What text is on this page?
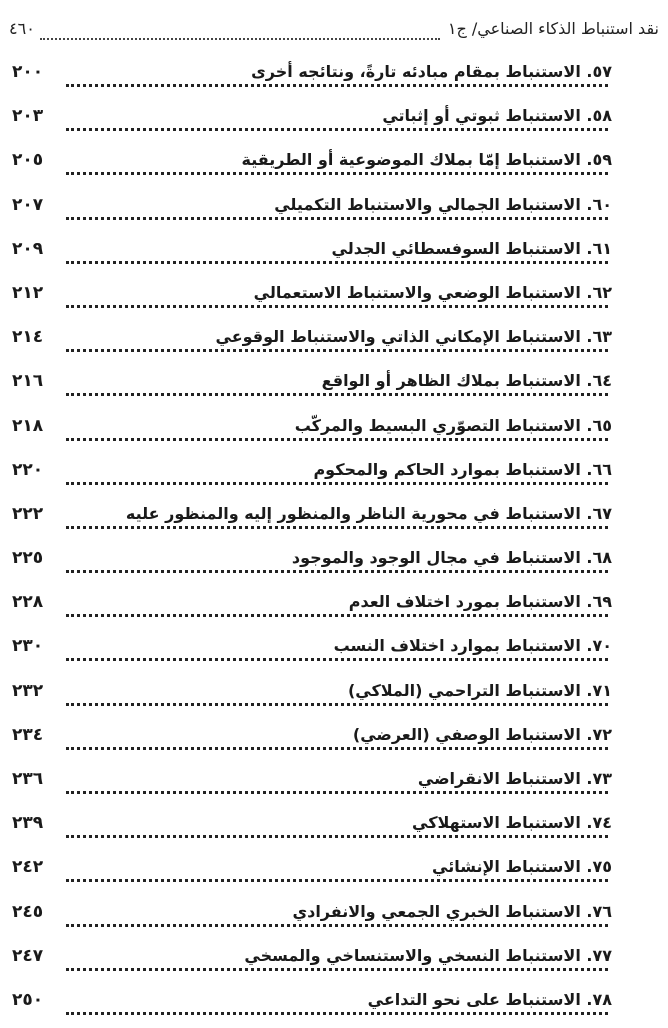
نقد استنباط الذكاء الصناعي/ ج١
٤٦٠
٥٧. الاستنباط بمقام مبادئه تارةً، ونتائجه أخرى
٢٠٠
٥٨. الاستنباط ثبوتي أو إثباتي
٢٠٣
٥٩. الاستنباط إمّا بملاك الموضوعية أو الطريقية
٢٠٥
٦٠. الاستنباط الجمالي والاستنباط التكميلي
٢٠٧
٦١. الاستنباط السوفسطائي الجدلي
٢٠٩
٦٢. الاستنباط الوضعي والاستنباط الاستعمالي
٢١٢
٦٣. الاستنباط الإمكاني الذاتي والاستنباط الوقوعي
٢١٤
٦٤. الاستنباط بملاك الظاهر أو الواقع
٢١٦
٦٥. الاستنباط التصوّري البسيط والمركّب
٢١٨
٦٦. الاستنباط بموارد الحاكم والمحكوم
٢٢٠
٦٧. الاستنباط في محورية الناظر والمنظور إليه والمنظور عليه
٢٢٢
٦٨. الاستنباط في مجال الوجود والموجود
٢٢٥
٦٩. الاستنباط بمورد اختلاف العدم
٢٢٨
٧٠. الاستنباط بموارد اختلاف النسب
٢٣٠
٧١. الاستنباط التراحمي (الملاكي)
٢٣٢
٧٢. الاستنباط الوصفي (العرضي)
٢٣٤
٧٣. الاستنباط الانقراضي
٢٣٦
٧٤. الاستنباط الاستهلاكي
٢٣٩
٧٥. الاستنباط الإنشائي
٢٤٢
٧٦. الاستنباط الخبري الجمعي والانفرادي
٢٤٥
٧٧. الاستنباط النسخي والاستنساخي والمسخي
٢٤٧
٧٨. الاستنباط على نحو التداعي
٢٥٠
